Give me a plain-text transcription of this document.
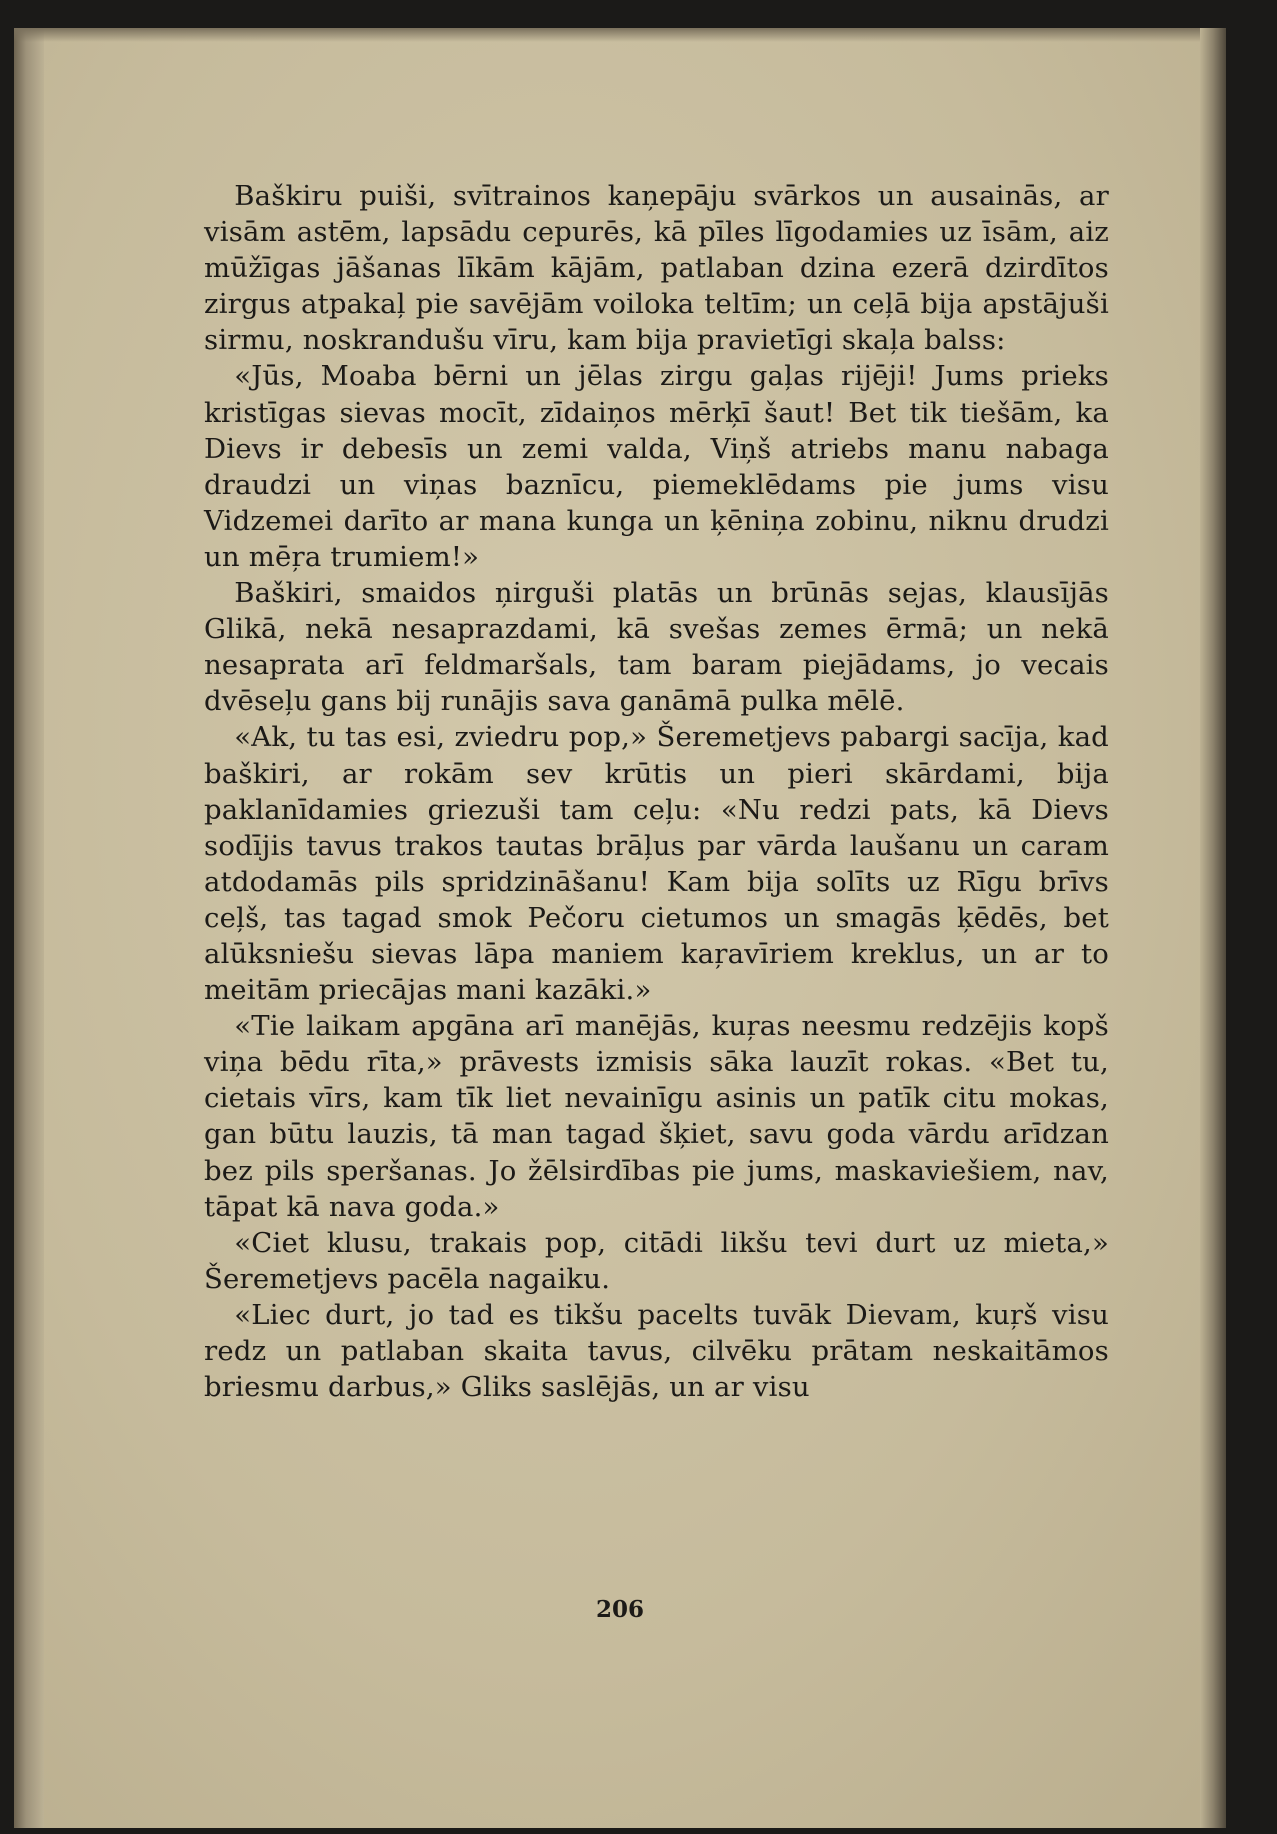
Baškiru puiši, svītrainos kaņepāju svārkos un ausainās, ar visām astēm, lapsādu cepurēs, kā pīles līgodamies uz īsām, aiz mūžīgas jāšanas līkām kājām, patlaban dzina ezerā dzirdītos zirgus atpakaļ pie savējām voiloka teltīm; un ceļā bija apstājuši sirmu, noskrandušu vīru, kam bija pravietīgi skaļa balss:

«Jūs, Moaba bērni un jēlas zirgu gaļas rijēji! Jums prieks kristīgas sievas mocīt, zīdaiņos mērķī šaut! Bet tik tiešām, ka Dievs ir debesīs un zemi valda, Viņš atriebs manu nabaga draudzi un viņas baznīcu, piemeklēdams pie jums visu Vidzemei darīto ar mana kunga un ķēniņa zobinu, niknu drudzi un mēŗa trumiem!»

Baškiri, smaidos ņirguši platās un brūnās sejas, klausījās Glikā, nekā nesaprazdami, kā svešas zemes ērmā; un nekā nesaprata arī feldmaršals, tam baram piejādams, jo vecais dvēseļu gans bij runājis sava ganāmā pulka mēlē.

«Ak, tu tas esi, zviedru pop,» Šeremetjevs pabargi sacīja, kad baškiri, ar rokām sev krūtis un pieri skārdami, bija paklanīdamies griezuši tam ceļu: «Nu redzi pats, kā Dievs sodījis tavus trakos tautas brāļus par vārda laušanu un caram atdodamās pils spridzināšanu! Kam bija solīts uz Rīgu brīvs ceļš, tas tagad smok Pečoru cietumos un smagās ķēdēs, bet alūksniešu sievas lāpa maniem kaŗavīriem kreklus, un ar to meitām priecājas mani kazāki.»

«Tie laikam apgāna arī manējās, kuŗas neesmu redzējis kopš viņa bēdu rīta,» prāvests izmisis sāka lauzīt rokas. «Bet tu, cietais vīrs, kam tīk liet nevainīgu asinis un patīk citu mokas, gan būtu lauzis, tā man tagad šķiet, savu goda vārdu arīdzan bez pils speršanas. Jo žēlsirdības pie jums, maskaviešiem, nav, tāpat kā nava goda.»

«Ciet klusu, trakais pop, citādi likšu tevi durt uz mieta,» Šeremetjevs pacēla nagaiku.

«Liec durt, jo tad es tikšu pacelts tuvāk Dievam, kuŗš visu redz un patlaban skaita tavus, cilvēku prātam neskaitāmos briesmu darbus,» Gliks saslējās, un ar visu

206
